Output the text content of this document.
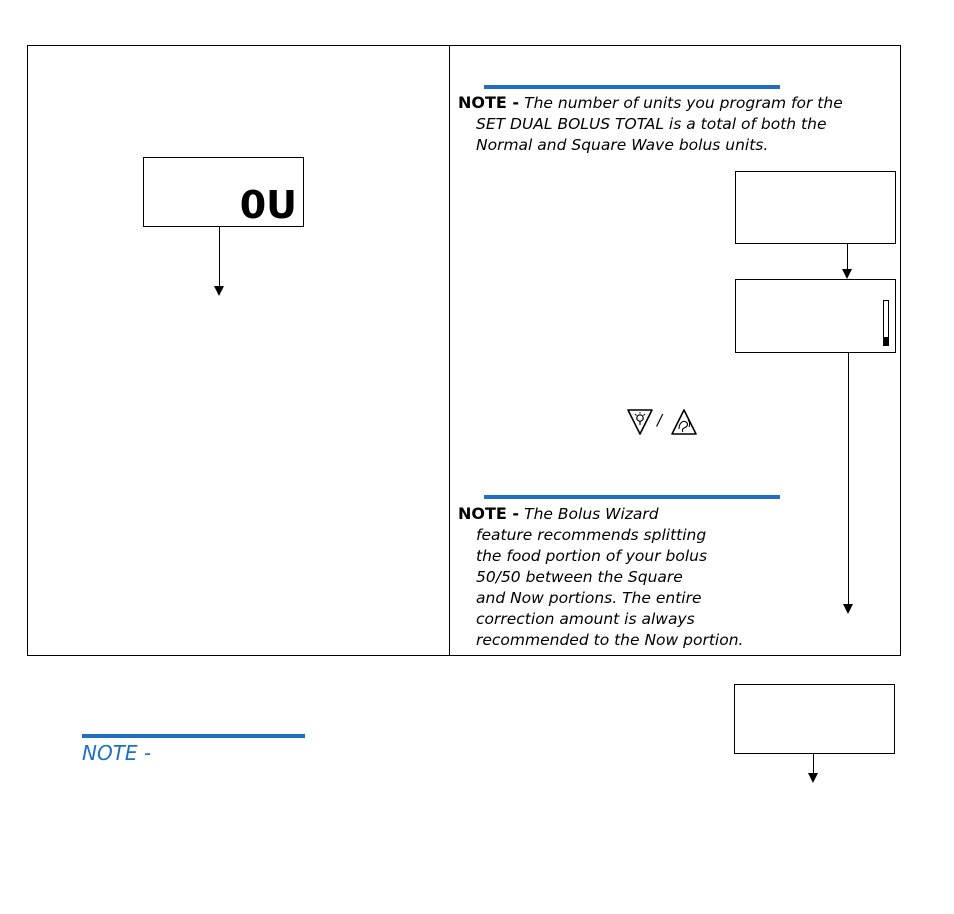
0U
NOTE - The number of units you program for the
SET DUAL BOLUS TOTAL is a total of both the
Normal and Square Wave bolus units.
/
NOTE - The Bolus Wizard
feature recommends splitting
the food portion of your bolus
50/50 between the Square
and Now portions. The entire
correction amount is always
recommended to the Now portion.
NOTE -
